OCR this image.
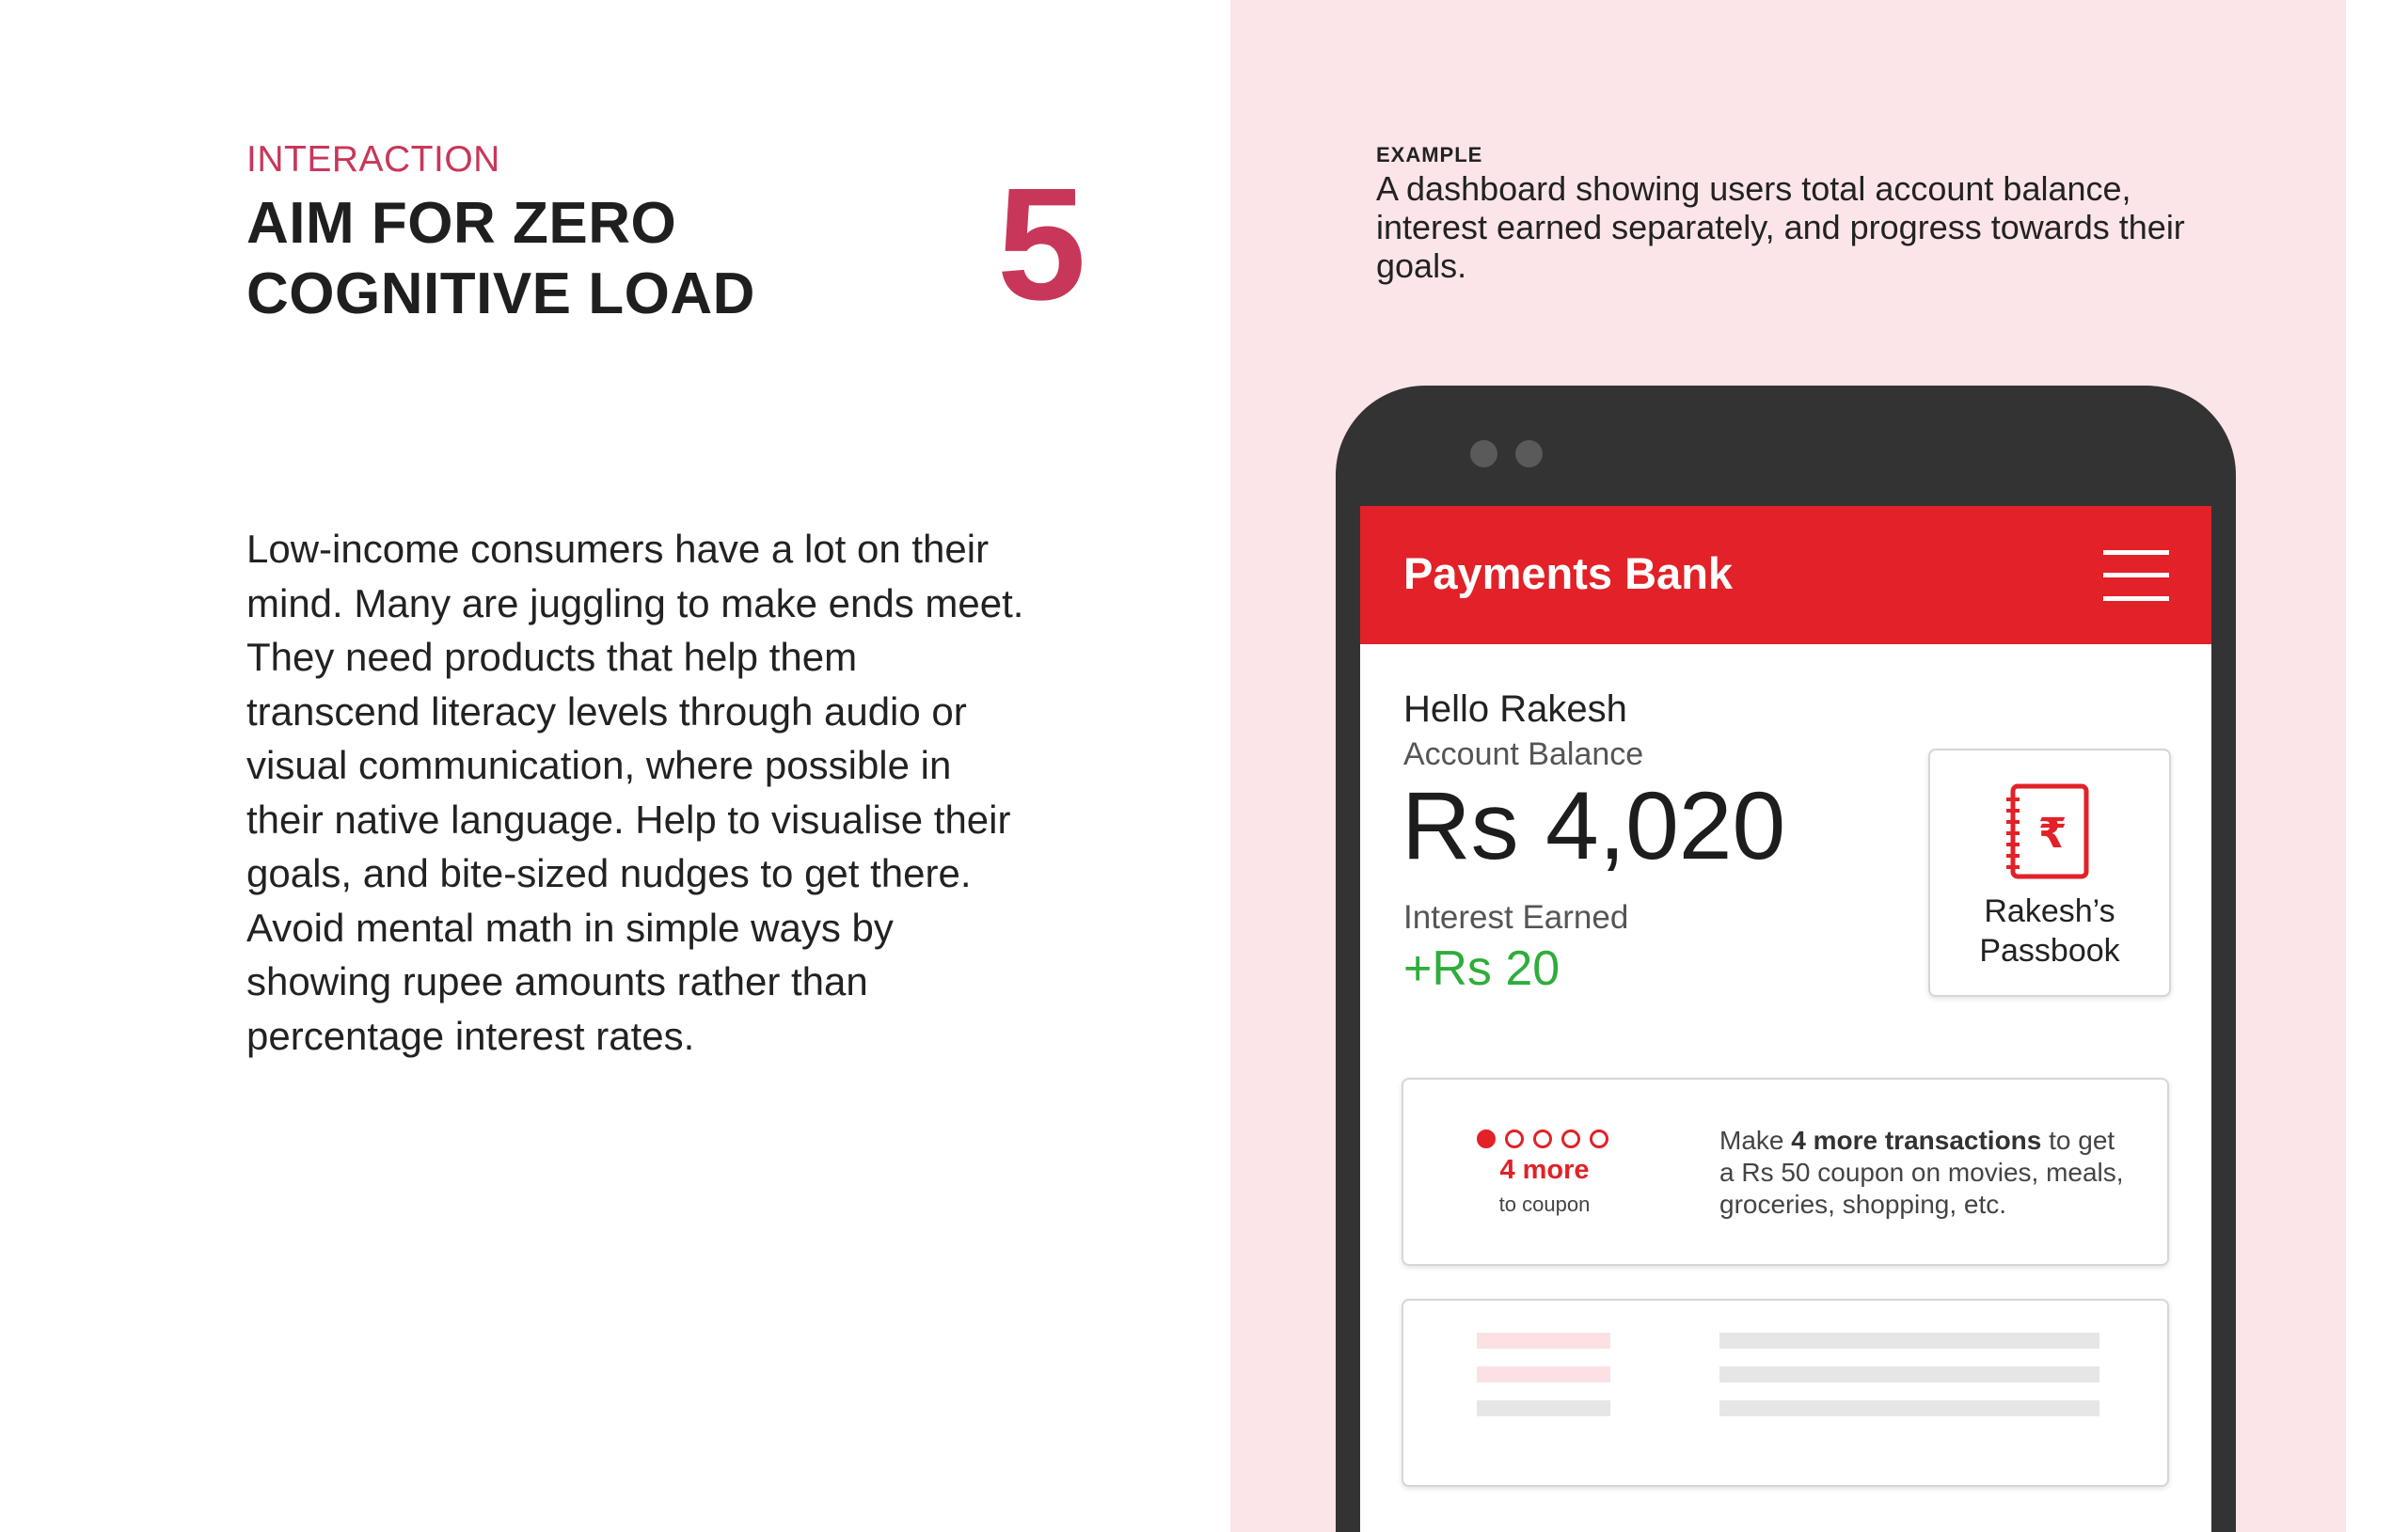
INTERACTION
AIM FOR ZERO
COGNITIVE LOAD 5
Low-income consumers have a lot on their mind. Many are juggling to make ends meet. They need products that help them transcend literacy levels through audio or visual communication, where possible in their native language. Help to visualise their goals, and bite-sized nudges to get there. Avoid mental math in simple ways by showing rupee amounts rather than percentage interest rates.
EXAMPLE
A dashboard showing users total account balance, interest earned separately, and progress towards their goals.
Payments Bank
Hello Rakesh
Account Balance
Rs 4,020
Interest Earned
+Rs 20
₹
Rakesh’s
Passbook
4 more
to coupon
Make 4 more transactions to get a Rs 50 coupon on movies, meals, groceries, shopping, etc.
